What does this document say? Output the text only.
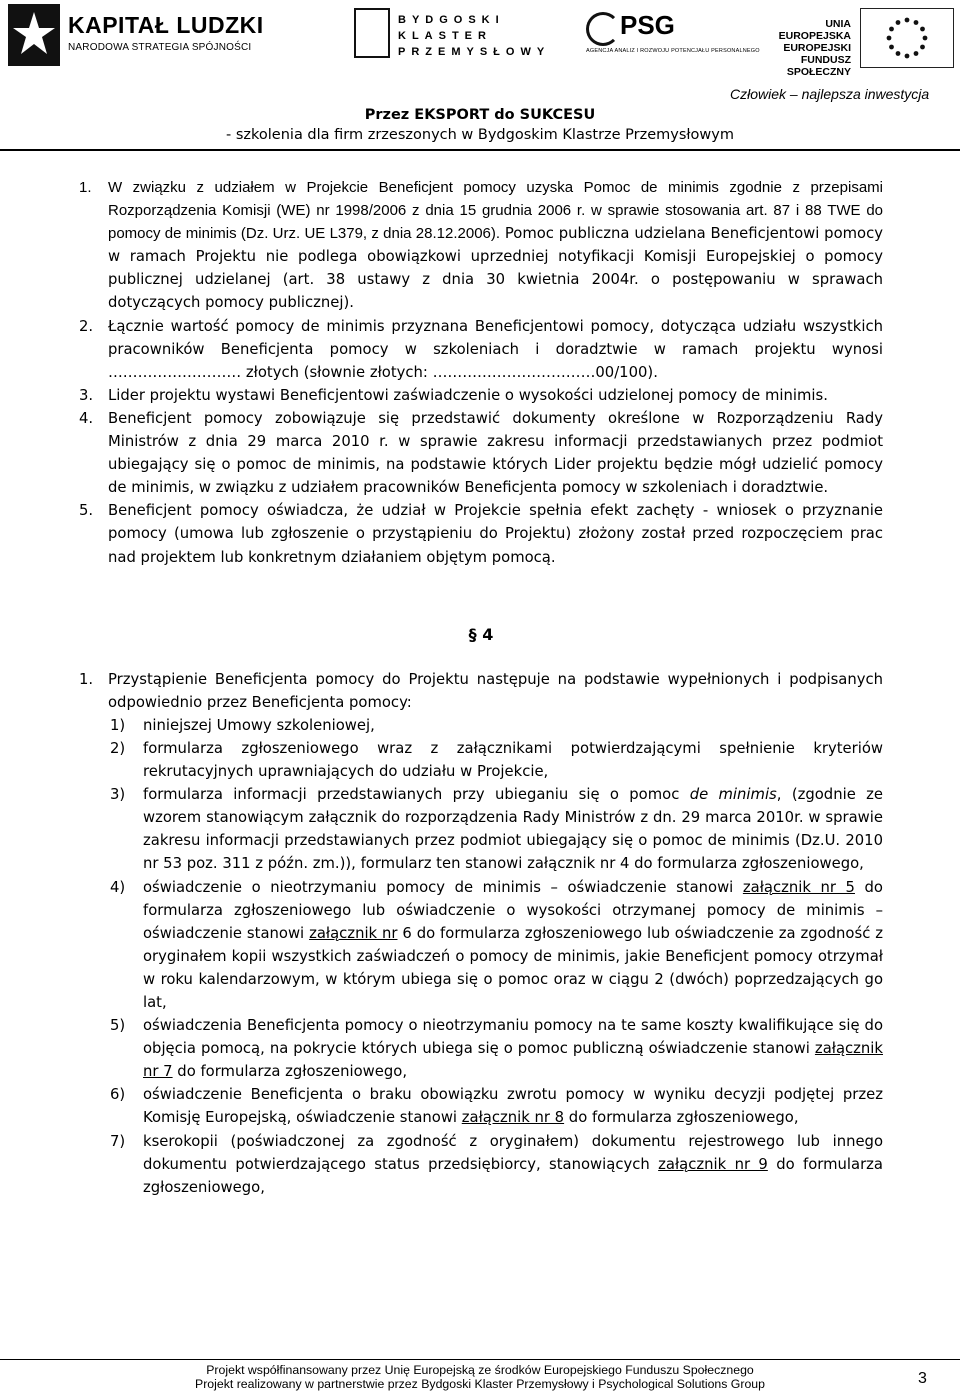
KAPITAŁ LUDZKI
NARODOWA STRATEGIA SPÓJNOŚCI
BYDGOSKI
KLASTER
PRZEMYSŁOWY
PSG
AGENCJA ANALIZ I ROZWOJU POTENCJAŁU PERSONALNEGO
UNIA EUROPEJSKA
EUROPEJSKI
FUNDUSZ SPOŁECZNY
Człowiek – najlepsza inwestycja
Przez EKSPORT do SUKCESU
- szkolenia dla firm zrzeszonych w Bydgoskim Klastrze Przemysłowym
1.	W związku z udziałem w Projekcie Beneficjent pomocy uzyska Pomoc de minimis zgodnie z przepisami Rozporządzenia Komisji (WE) nr 1998/2006 z dnia 15 grudnia 2006 r. w sprawie stosowania art. 87 i 88 TWE do pomocy de minimis (Dz. Urz. UE L379, z dnia 28.12.2006). Pomoc publiczna udzielana Beneficjentowi pomocy w ramach Projektu nie podlega obowiązkowi uprzedniej notyfikacji Komisji Europejskiej o pomocy publicznej udzielanej (art. 38 ustawy z dnia 30 kwietnia 2004r. o postępowaniu w sprawach dotyczących pomocy publicznej).
2.	Łącznie wartość pomocy de minimis przyznana Beneficjentowi pomocy, dotycząca udziału wszystkich pracowników Beneficjenta pomocy w szkoleniach i doradztwie w ramach projektu wynosi ……………………… złotych (słownie złotych: ……………………………00/100).
3.	Lider projektu wystawi Beneficjentowi zaświadczenie o wysokości udzielonej pomocy de minimis.
4.	Beneficjent pomocy zobowiązuje się przedstawić dokumenty określone w Rozporządzeniu Rady Ministrów z dnia 29 marca 2010 r. w sprawie zakresu informacji przedstawianych przez podmiot ubiegający się o pomoc de minimis, na podstawie których Lider projektu będzie mógł udzielić pomocy de minimis, w związku z udziałem pracowników Beneficjenta pomocy w szkoleniach i doradztwie.
5.	Beneficjent pomocy oświadcza, że udział w Projekcie spełnia efekt zachęty - wniosek o przyznanie pomocy (umowa lub zgłoszenie o przystąpieniu do Projektu) złożony został przed rozpoczęciem prac nad projektem lub konkretnym działaniem objętym pomocą.
§ 4
1.	Przystąpienie Beneficjenta pomocy do Projektu następuje na podstawie wypełnionych i podpisanych odpowiednio przez Beneficjenta pomocy:
1)	niniejszej Umowy szkoleniowej,
2)	formularza zgłoszeniowego wraz z załącznikami potwierdzającymi spełnienie kryteriów rekrutacyjnych uprawniających do udziału w Projekcie,
3)	formularza informacji przedstawianych przy ubieganiu się o pomoc de minimis, (zgodnie ze wzorem stanowiącym załącznik do rozporządzenia Rady Ministrów z dn. 29 marca 2010r. w sprawie zakresu informacji przedstawianych przez podmiot ubiegający się o pomoc de minimis (Dz.U. 2010 nr 53 poz. 311 z późn. zm.)), formularz ten stanowi załącznik nr 4 do formularza zgłoszeniowego,
4)	oświadczenie o nieotrzymaniu pomocy de minimis – oświadczenie stanowi załącznik nr 5 do formularza zgłoszeniowego lub oświadczenie o wysokości otrzymanej pomocy de minimis – oświadczenie stanowi załącznik nr 6 do formularza zgłoszeniowego lub oświadczenie za zgodność z oryginałem kopii wszystkich zaświadczeń o pomocy de minimis, jakie Beneficjent pomocy otrzymał w roku kalendarzowym, w którym ubiega się o pomoc oraz w ciągu 2 (dwóch) poprzedzających go lat,
5)	oświadczenia Beneficjenta pomocy o nieotrzymaniu pomocy na te same koszty kwalifikujące się do objęcia pomocą, na pokrycie których ubiega się o pomoc publiczną oświadczenie stanowi załącznik nr 7 do formularza zgłoszeniowego,
6)	oświadczenie Beneficjenta o braku obowiązku zwrotu pomocy w wyniku decyzji podjętej przez Komisję Europejską, oświadczenie stanowi załącznik nr 8 do formularza zgłoszeniowego,
7)	kserokopii (poświadczonej za zgodność z oryginałem) dokumentu rejestrowego lub innego dokumentu potwierdzającego status przedsiębiorcy, stanowiących załącznik nr 9 do formularza zgłoszeniowego,
Projekt współfinansowany przez Unię Europejską ze środków Europejskiego Funduszu Społecznego
Projekt realizowany w partnerstwie przez Bydgoski Klaster Przemysłowy i Psychological Solutions Group	3
